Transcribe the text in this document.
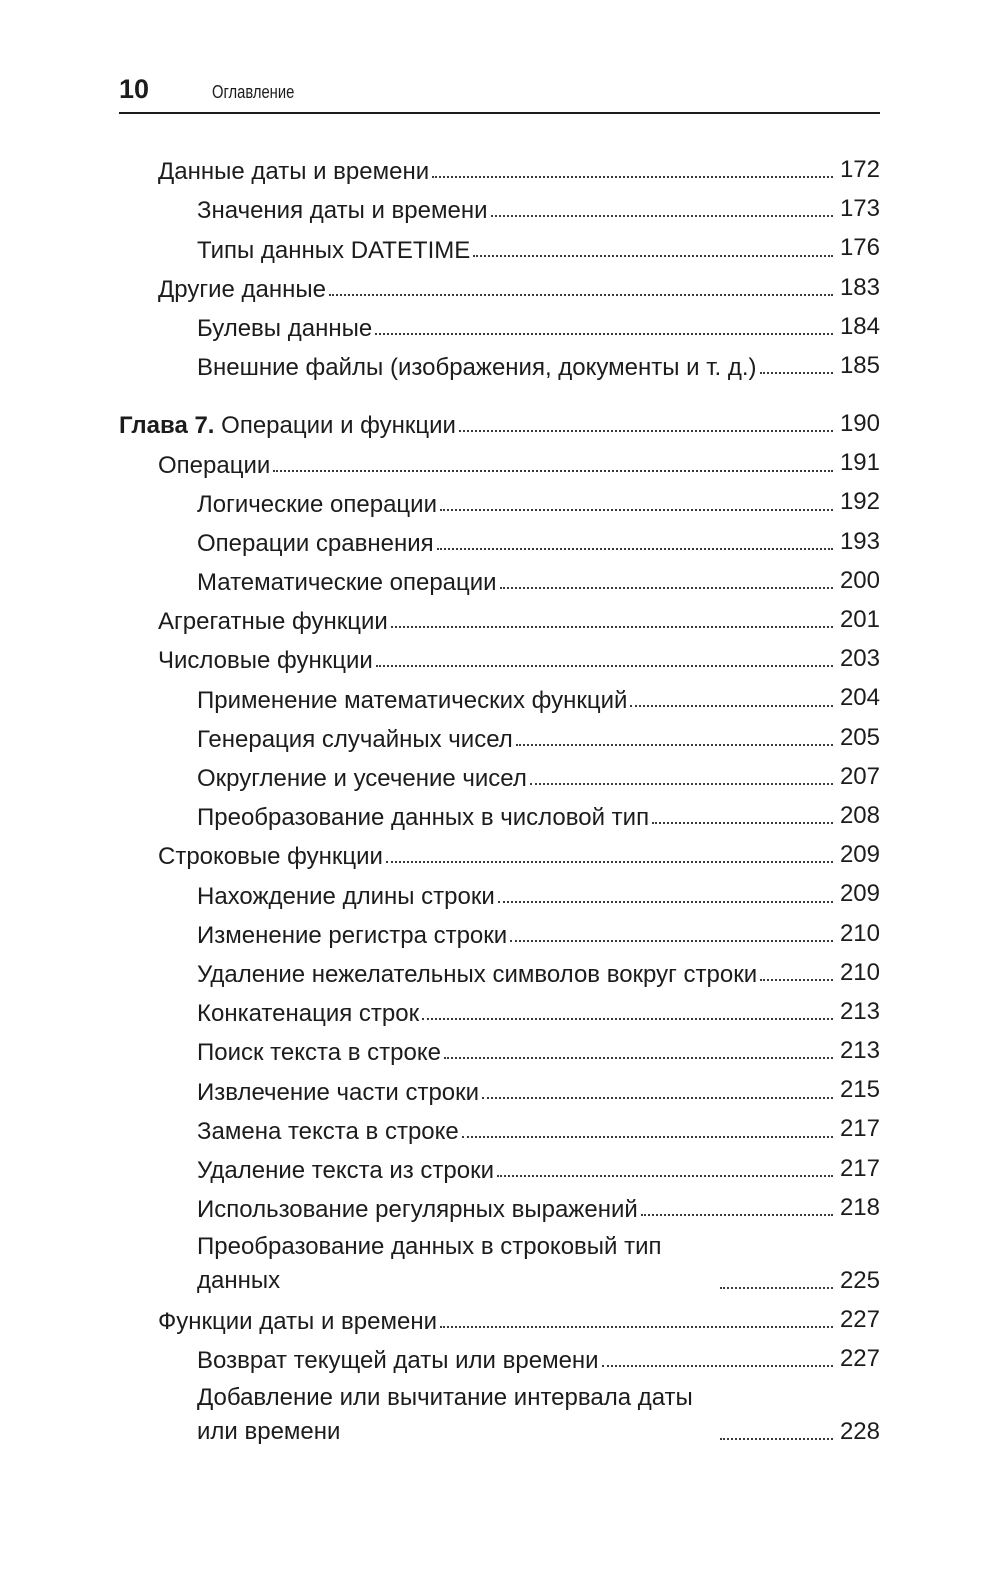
10	Оглавление
Данные даты и времени	172
Значения даты и времени	173
Типы данных DATETIME	176
Другие данные	183
Булевы данные	184
Внешние файлы (изображения, документы и т. д.)	185
Глава 7. Операции и функции	190
Операции	191
Логические операции	192
Операции сравнения	193
Математические операции	200
Агрегатные функции	201
Числовые функции	203
Применение математических функций	204
Генерация случайных чисел	205
Округление и усечение чисел	207
Преобразование данных в числовой тип	208
Строковые функции	209
Нахождение длины строки	209
Изменение регистра строки	210
Удаление нежелательных символов вокруг строки	210
Конкатенация строк	213
Поиск текста в строке	213
Извлечение части строки	215
Замена текста в строке	217
Удаление текста из строки	217
Использование регулярных выражений	218
Преобразование данных в строковый тип данных	225
Функции даты и времени	227
Возврат текущей даты или времени	227
Добавление или вычитание интервала даты или времени	228
